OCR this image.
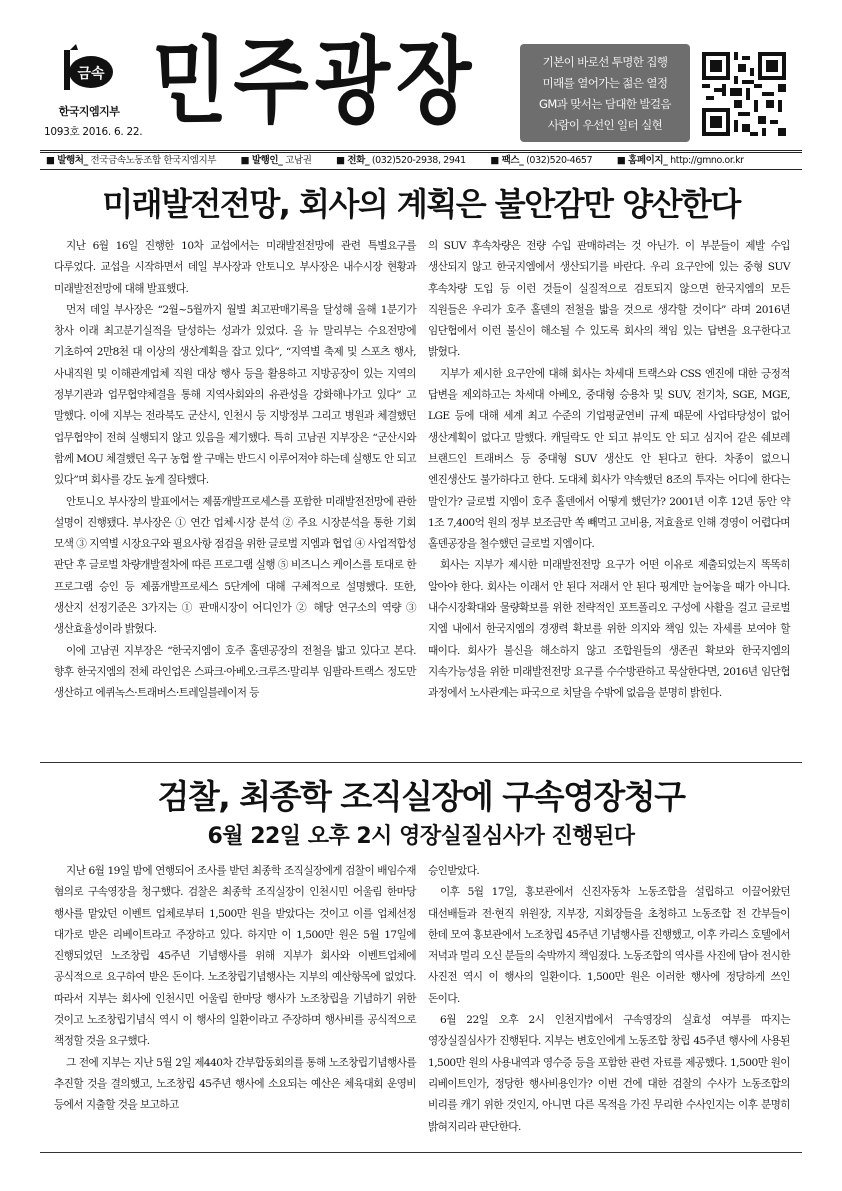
금속
한국지엠지부
1093호 2016. 6. 22. 민주광장	기본이 바로선 투명한 집행
미래를 열어가는 젊은 열정
GM과 맞서는 담대한 발걸음
사람이 우선인 일터 실현
■ 발행처_ 전국금속노동조합 한국지엠지부	■ 발행인_ 고남권	■ 전화_ (032)520-2938, 2941	■ 팩스_ (032)520-4657	■ 홈페이지_ http://gmno.or.kr
미래발전전망, 회사의 계획은 불안감만 양산한다

지난 6월 16일 진행한 10차 교섭에서는 미래발전전망에 관련 특별요구를 다루었다. 교섭을 시작하면서 데일 부사장과 안토니오 부사장은 내수시장 현황과 미래발전전망에 대해 발표했다.

먼저 데일 부사장은 “2월~5월까지 월별 최고판매기록을 달성해 올해 1분기가 창사 이래 최고분기실적을 달성하는 성과가 있었다. 올 뉴 말리부는 수요전망에 기초하여 2만8천 대 이상의 생산계획을 잡고 있다”, “지역별 축제 및 스포츠 행사, 사내직원 및 이해관계업체 직원 대상 행사 등을 활용하고 지방공장이 있는 지역의 정부기관과 업무협약체결을 통해 지역사회와의 유관성을 강화해나가고 있다” 고 말했다. 이에 지부는 전라북도 군산시, 인천시 등 지방정부 그리고 병원과 체결했던 업무협약이 전혀 실행되지 않고 있음을 제기했다. 특히 고남권 지부장은 “군산시와 함께 MOU 체결했던 옥구 농협 쌀 구매는 반드시 이루어져야 하는데 실행도 안 되고 있다”며 회사를 강도 높게 질타했다.

안토니오 부사장의 발표에서는 제품개발프로세스를 포함한 미래발전전망에 관한 설명이 진행됐다. 부사장은 ① 연간 업체·시장 분석 ② 주요 시장분석을 통한 기회 모색 ③ 지역별 시장요구와 필요사항 점검을 위한 글로벌 지엠과 협업 ④ 사업적합성 판단 후 글로벌 차량개발절차에 따른 프로그램 실행 ⑤ 비즈니스 케이스를 토대로 한 프로그램 승인 등 제품개발프로세스 5단계에 대해 구체적으로 설명했다. 또한, 생산지 선정기준은 3가지는 ① 판매시장이 어디인가 ② 해당 연구소의 역량 ③ 생산효율성이라 밝혔다.

이에 고남권 지부장은 “한국지엠이 호주 홀덴공장의 전철을 밟고 있다고 본다. 향후 한국지엠의 전체 라인업은 스파크·아베오·크루즈·말리부 임팔라·트랙스 정도만 생산하고 에퀴녹스·트래버스·트레일블레이저 등

의 SUV 후속차량은 전량 수입 판매하려는 것 아닌가. 이 부분들이 제발 수입 생산되지 않고 한국지엠에서 생산되기를 바란다. 우리 요구안에 있는 중형 SUV 후속차량 도입 등 이런 것들이 실질적으로 검토되지 않으면 한국지엠의 모든 직원들은 우리가 호주 홀덴의 전철을 밟을 것으로 생각할 것이다” 라며 2016년 임단협에서 이런 불신이 해소될 수 있도록 회사의 책임 있는 답변을 요구한다고 밝혔다.

지부가 제시한 요구안에 대해 회사는 차세대 트랙스와 CSS 엔진에 대한 긍정적 답변을 제외하고는 차세대 아베오, 중대형 승용차 및 SUV, 전기차, SGE, MGE, LGE 등에 대해 세계 최고 수준의 기업평균연비 규제 때문에 사업타당성이 없어 생산계획이 없다고 말했다. 캐딜락도 안 되고 뷰익도 안 되고 심지어 같은 쉐보레 브랜드인 트래버스 등 중대형 SUV 생산도 안 된다고 한다. 차종이 없으니 엔진생산도 불가하다고 한다. 도대체 회사가 약속했던 8조의 투자는 어디에 한다는 말인가? 글로벌 지엠이 호주 홀덴에서 어떻게 했던가? 2001년 이후 12년 동안 약 1조 7,400억 원의 정부 보조금만 쏙 빼먹고 고비용, 저효율로 인해 경영이 어렵다며 홀덴공장을 철수했던 글로벌 지엠이다.

회사는 지부가 제시한 미래발전전망 요구가 어떤 이유로 제출되었는지 똑똑히 알아야 한다. 회사는 이래서 안 된다 저래서 안 된다 핑계만 늘어놓을 때가 아니다. 내수시장확대와 물량확보를 위한 전략적인 포트폴리오 구성에 사활을 걸고 글로벌 지엠 내에서 한국지엠의 경쟁력 확보를 위한 의지와 책임 있는 자세를 보여야 할 때이다. 회사가 불신을 해소하지 않고 조합원들의 생존권 확보와 한국지엠의 지속가능성을 위한 미래발전전망 요구를 수수방관하고 묵살한다면, 2016년 임단협 과정에서 노사관계는 파국으로 치달을 수밖에 없음을 분명히 밝힌다.

검찰, 최종학 조직실장에 구속영장청구
6월 22일 오후 2시 영장실질심사가 진행된다

지난 6월 19일 밤에 연행되어 조사를 받던 최종학 조직실장에게 검찰이 배임수재 혐의로 구속영장을 청구했다. 검찰은 최종학 조직실장이 인천시민 어울림 한마당 행사를 맡았던 이벤트 업체로부터 1,500만 원을 받았다는 것이고 이를 업체선정 대가로 받은 리베이트라고 주장하고 있다. 하지만 이 1,500만 원은 5월 17일에 진행되었던 노조창립 45주년 기념행사를 위해 지부가 회사와 이벤트업체에 공식적으로 요구하여 받은 돈이다. 노조창립기념행사는 지부의 예산항목에 없었다. 따라서 지부는 회사에 인천시민 어울림 한마당 행사가 노조창립을 기념하기 위한 것이고 노조창립기념식 역시 이 행사의 일환이라고 주장하며 행사비를 공식적으로 책정할 것을 요구했다.

그 전에 지부는 지난 5월 2일 제440차 간부합동회의를 통해 노조창립기념행사를 추진할 것을 결의했고, 노조창립 45주년 행사에 소요되는 예산은 체육대회 운영비 등에서 지출할 것을 보고하고

승인받았다.

이후 5월 17일, 홍보관에서 신진자동차 노동조합을 설립하고 이끌어왔던 대선배들과 전·현직 위원장, 지부장, 지회장들을 초청하고 노동조합 전 간부들이 한데 모여 홍보관에서 노조창립 45주년 기념행사를 진행했고, 이후 카리스 호텔에서 저녁과 멀리 오신 분들의 숙박까지 책임졌다. 노동조합의 역사를 사진에 담아 전시한 사진전 역시 이 행사의 일환이다. 1,500만 원은 이러한 행사에 정당하게 쓰인 돈이다.

6월 22일 오후 2시 인천지법에서 구속영장의 실효성 여부를 따지는 영장실질심사가 진행된다. 지부는 변호인에게 노동조합 창립 45주년 행사에 사용된 1,500만 원의 사용내역과 영수증 등을 포함한 관련 자료를 제공했다. 1,500만 원이 리베이트인가, 정당한 행사비용인가? 이번 건에 대한 검찰의 수사가 노동조합의 비리를 캐기 위한 것인지, 아니면 다른 목적을 가진 무리한 수사인지는 이후 분명히 밝혀지리라 판단한다.
